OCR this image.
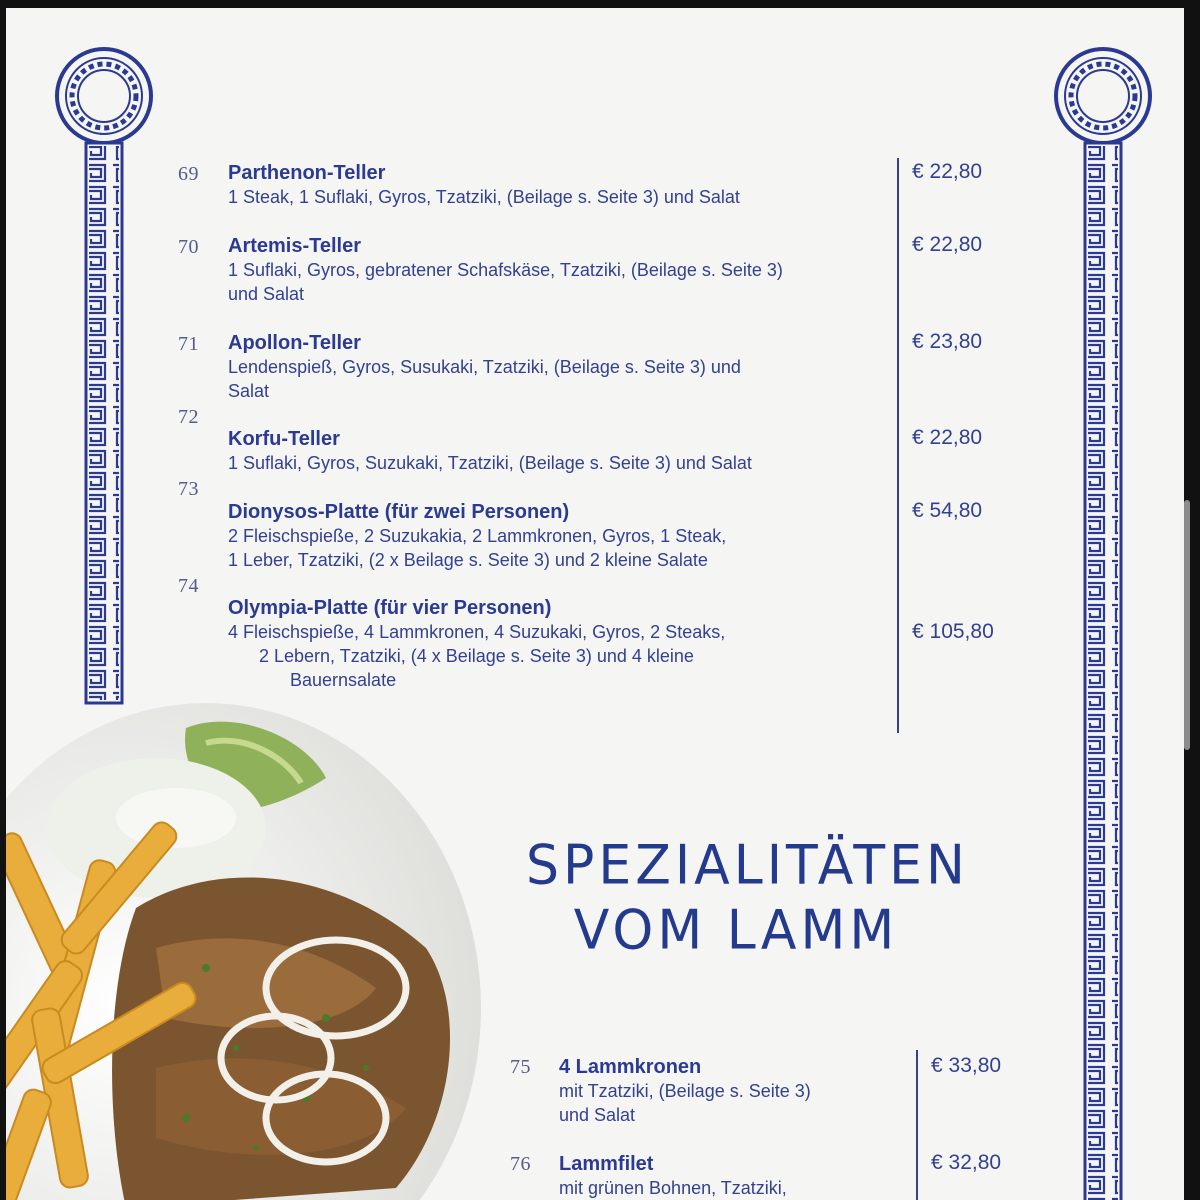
69 Parthenon-Teller
1 Steak, 1 Suflaki, Gyros, Tzatziki, (Beilage s. Seite 3) und Salat
€ 22,80
70 Artemis-Teller
1 Suflaki, Gyros, gebratener Schafskäse, Tzatziki, (Beilage s. Seite 3)
und Salat
€ 22,80
71 Apollon-Teller
Lendenspieß, Gyros, Susukaki, Tzatziki, (Beilage s. Seite 3) und
Salat
€ 23,80
72
Korfu-Teller
1 Suflaki, Gyros, Suzukaki, Tzatziki, (Beilage s. Seite 3) und Salat
€ 22,80
73
Dionysos-Platte (für zwei Personen)
2 Fleischspieße, 2 Suzukakia, 2 Lammkronen, Gyros, 1 Steak,
1 Leber, Tzatziki, (2 x Beilage s. Seite 3) und 2 kleine Salate
€ 54,80
74
Olympia-Platte (für vier Personen)
4 Fleischspieße, 4 Lammkronen, 4 Suzukaki, Gyros, 2 Steaks,
2 Lebern, Tzatziki, (4 x Beilage s. Seite 3) und 4 kleine
Bauernsalate
€ 105,80
SPEZIALITÄTEN
VOM LAMM
75 4 Lammkronen
mit Tzatziki, (Beilage s. Seite 3)
und Salat
€ 33,80
76 Lammfilet
mit grünen Bohnen, Tzatziki,
€ 32,80
